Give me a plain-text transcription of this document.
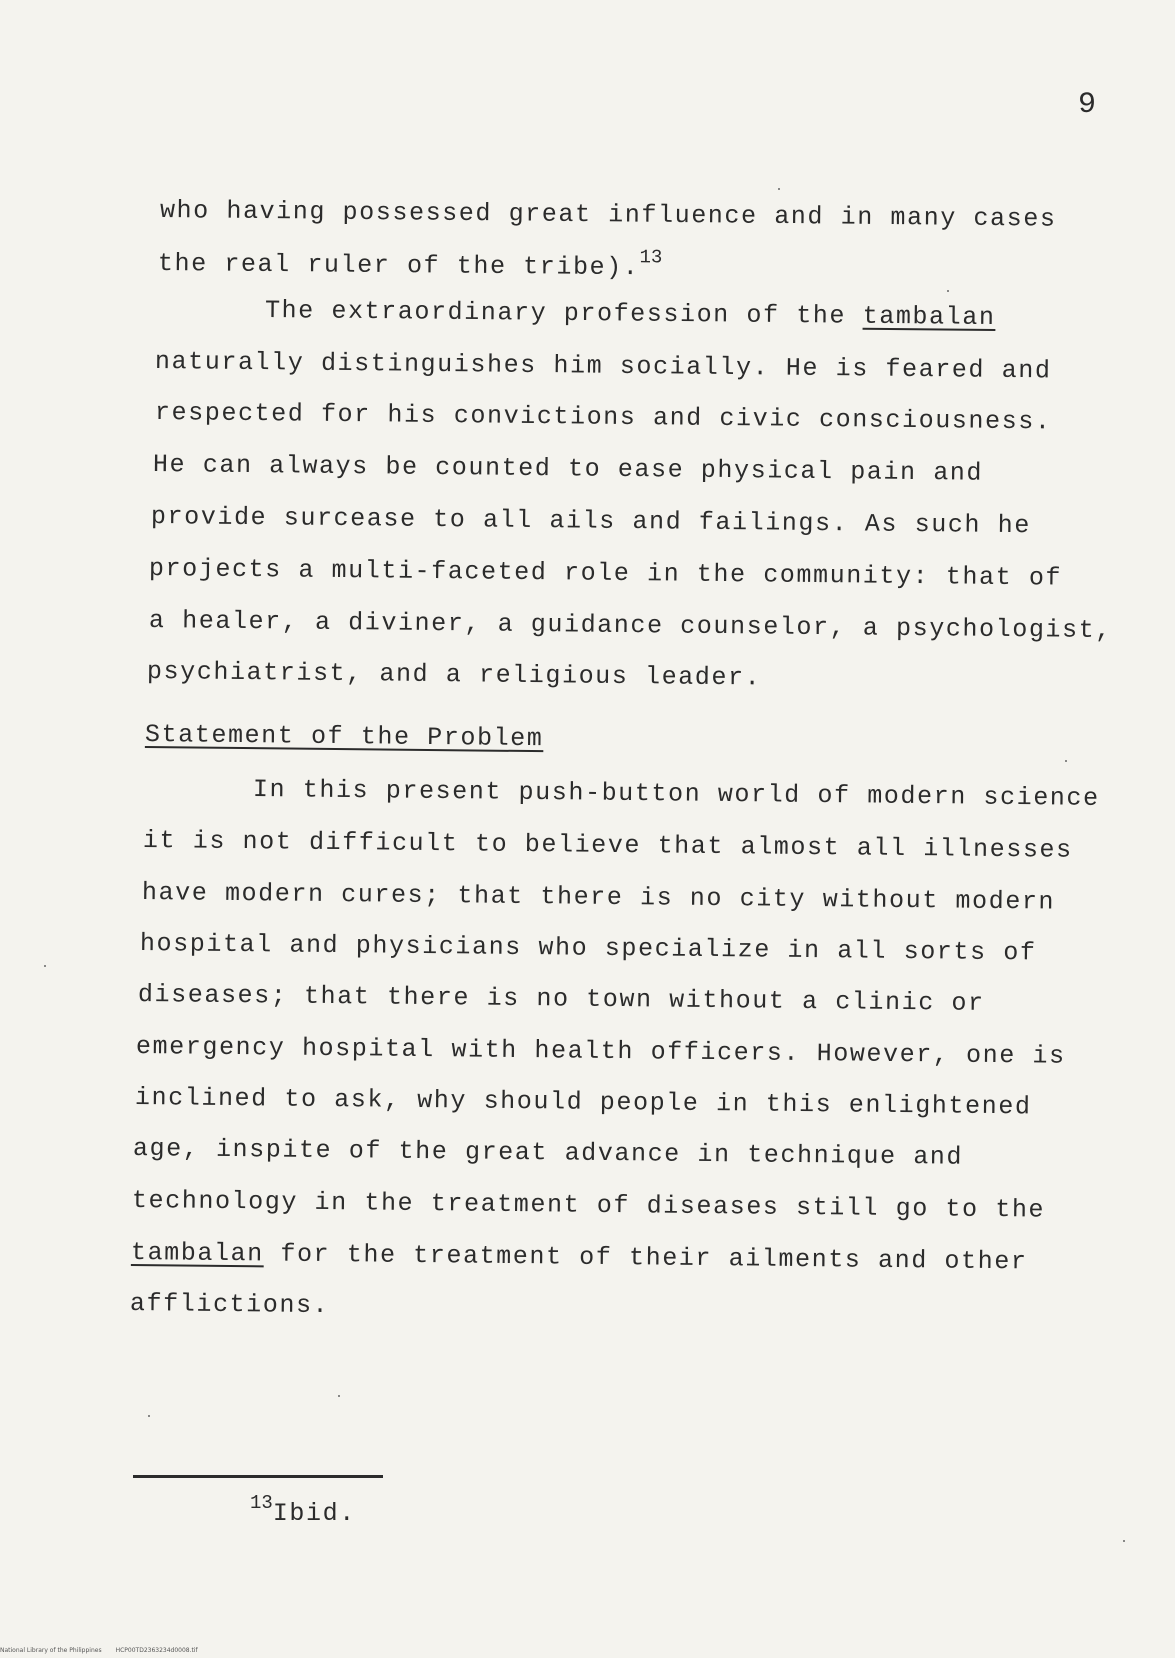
9
who having possessed great influence and in many cases
the real ruler of the tribe).$^{13}$
The extraordinary profession of the tambalan
naturally distinguishes him socially. He is feared and
respected for his convictions and civic consciousness.
He can always be counted to ease physical pain and
provide surcease to all ails and failings. As such he
projects a multi-faceted role in the community: that of
a healer, a diviner, a guidance counselor, a psychologist,
psychiatrist, and a religious leader.
Statement of the Problem
In this present push-button world of modern science
it is not difficult to believe that almost all illnesses
have modern cures; that there is no city without modern
hospital and physicians who specialize in all sorts of
diseases; that there is no town without a clinic or
emergency hospital with health officers. However, one is
inclined to ask, why should people in this enlightened
age, inspite of the great advance in technique and
technology in the treatment of diseases still go to the
tambalan for the treatment of their ailments and other
afflictions.
$^{13}$Ibid.
National Library of the Philippines HCP00TD2363234d0008.tif
